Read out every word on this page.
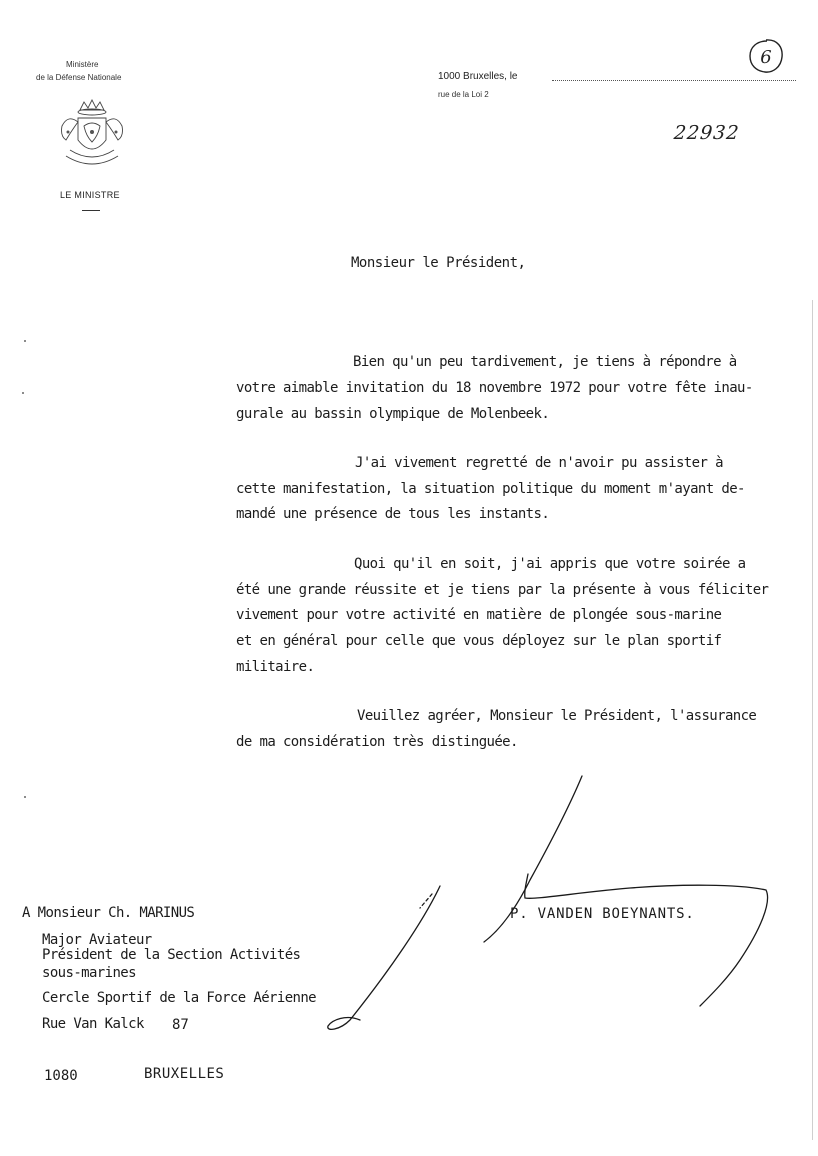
Ministère
de la Défense Nationale
LE MINISTRE
1000 Bruxelles, le
rue de la Loi 2
6
22932
Monsieur le Président,
Bien qu'un peu tardivement, je tiens à répondre à
votre aimable invitation du 18 novembre 1972 pour votre fête inau-
gurale au bassin olympique de Molenbeek.
J'ai vivement regretté de n'avoir pu assister à
cette manifestation, la situation politique du moment m'ayant de-
mandé une présence de tous les instants.
Quoi qu'il en soit, j'ai appris que votre soirée a
été une grande réussite et je tiens par la présente à vous féliciter
vivement pour votre activité en matière de plongée sous-marine
et en général pour celle que vous déployez sur le plan sportif
militaire.
Veuillez agréer, Monsieur le Président, l'assurance
de ma considération très distinguée.
P. VANDEN BOEYNANTS.
A Monsieur Ch. MARINUS
Major Aviateur
Président de la Section Activités
sous-marines
Cercle Sportif de la Force Aérienne
Rue Van Kalck 87
1080	BRUXELLES
